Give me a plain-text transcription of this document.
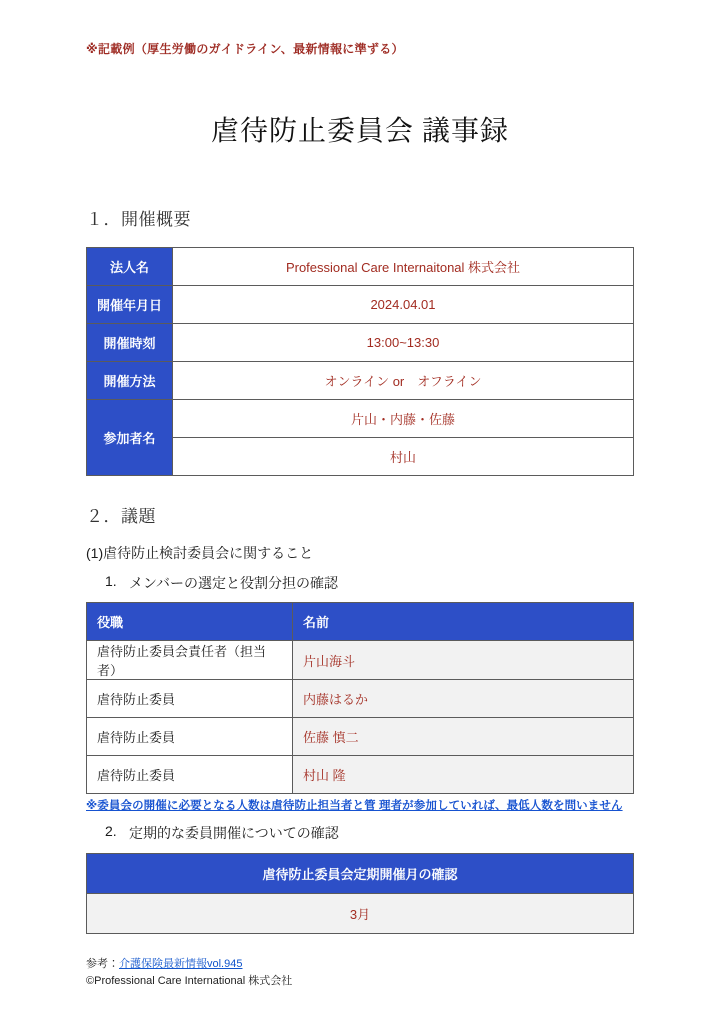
※記載例（厚生労働のガイドライン、最新情報に準ずる）
虐待防止委員会 議事録
１．開催概要
法人名	Professional Care Internaitonal 株式会社
開催年月日	2024.04.01
開催時刻	13:00~13:30
開催方法	オンライン or　オフライン
参加者名	片山・内藤・佐藤
	村山
２．議題
(1)虐待防止検討委員会に関すること
1. メンバーの選定と役割分担の確認
役職	名前
虐待防止委員会責任者（担当者）	片山海斗
虐待防止委員	内藤はるか
虐待防止委員	佐藤 慎二
虐待防止委員	村山 隆
※委員会の開催に必要となる人数は虐待防止担当者と管 理者が参加していれば、最低人数を問いません
2. 定期的な委員開催についての確認
虐待防止委員会定期開催月の確認
3月
参考：介護保険最新情報vol.945
©Professional Care International 株式会社
